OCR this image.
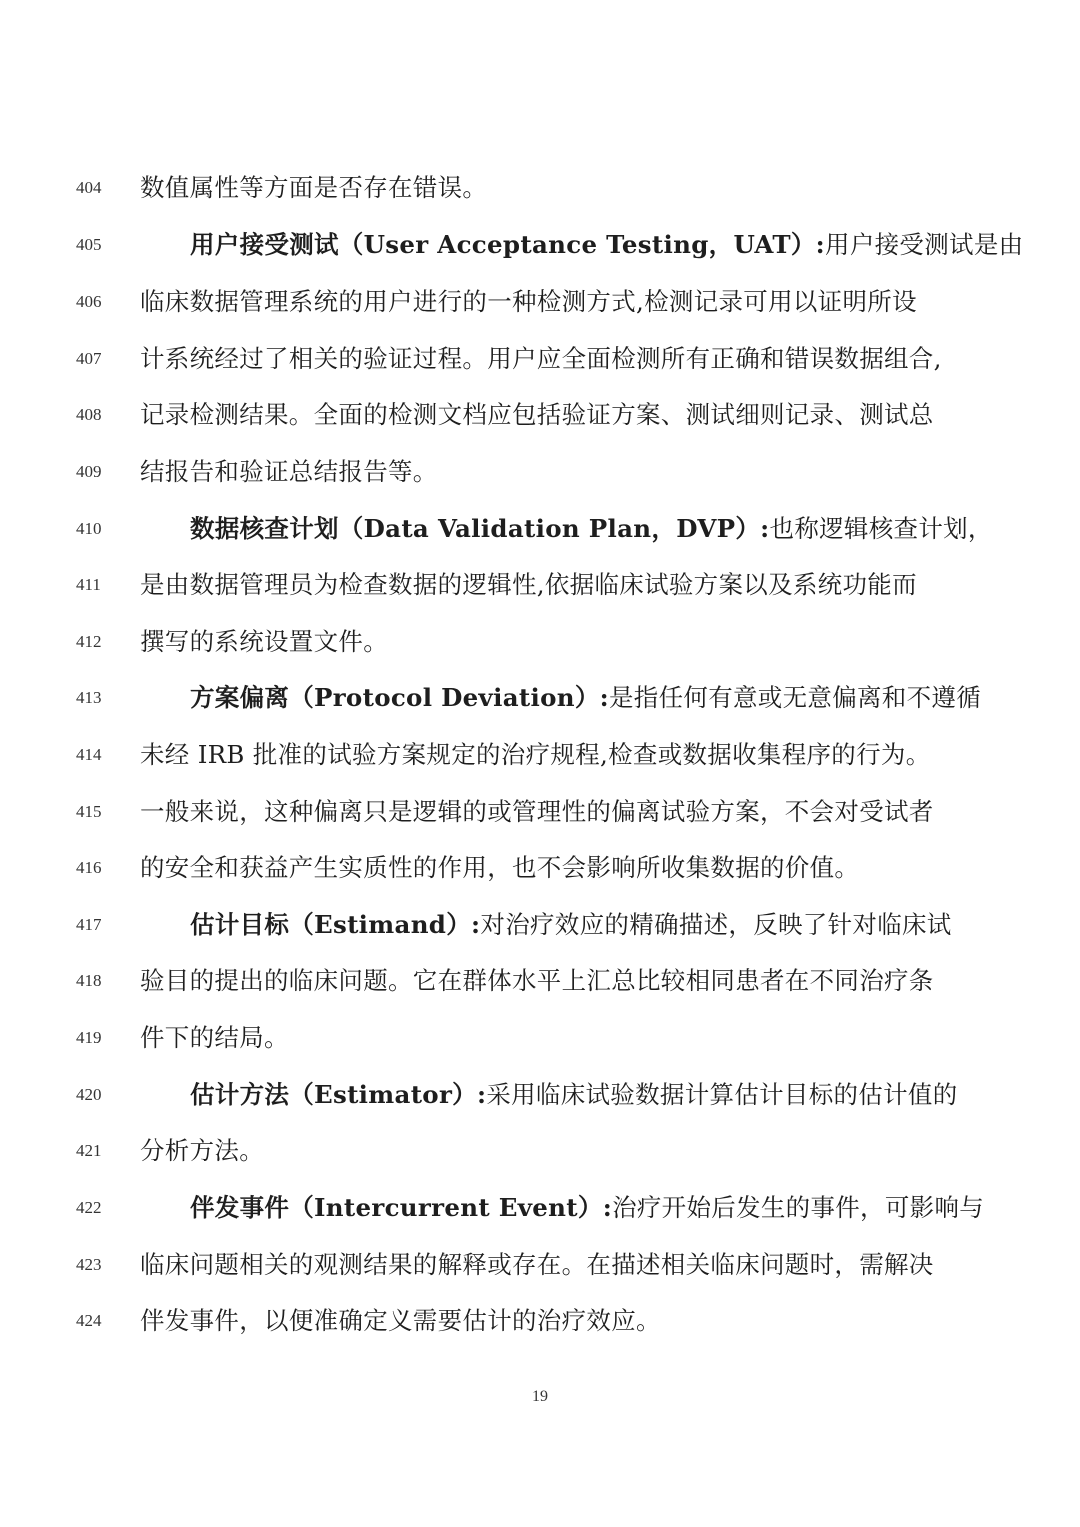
404	数值属性等方面是否存在错误。
405	用户接受测试（User Acceptance Testing，UAT）:用户接受测试是由
406	临床数据管理系统的用户进行的一种检测方式,检测记录可用以证明所设
407	计系统经过了相关的验证过程。用户应全面检测所有正确和错误数据组合,
408	记录检测结果。全面的检测文档应包括验证方案、测试细则记录、测试总
409	结报告和验证总结报告等。
410	数据核查计划（Data Validation Plan，DVP）:也称逻辑核查计划，
411	是由数据管理员为检查数据的逻辑性,依据临床试验方案以及系统功能而
412	撰写的系统设置文件。
413	方案偏离（Protocol Deviation）:是指任何有意或无意偏离和不遵循
414	未经 IRB 批准的试验方案规定的治疗规程,检查或数据收集程序的行为。
415	一般来说，这种偏离只是逻辑的或管理性的偏离试验方案，不会对受试者
416	的安全和获益产生实质性的作用，也不会影响所收集数据的价值。
417	估计目标（Estimand）:对治疗效应的精确描述，反映了针对临床试
418	验目的提出的临床问题。它在群体水平上汇总比较相同患者在不同治疗条
419	件下的结局。
420	估计方法（Estimator）:采用临床试验数据计算估计目标的估计值的
421	分析方法。
422	伴发事件（Intercurrent Event）:治疗开始后发生的事件，可影响与
423	临床问题相关的观测结果的解释或存在。在描述相关临床问题时，需解决
424	伴发事件，以便准确定义需要估计的治疗效应。
19
